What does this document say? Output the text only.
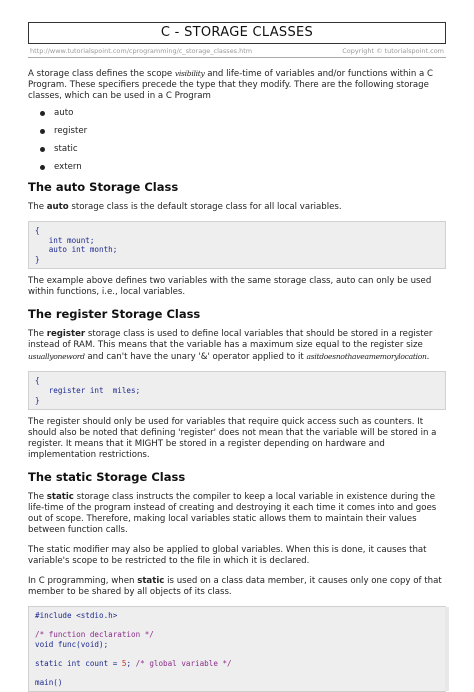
C - STORAGE CLASSES
http://www.tutorialspoint.com/cprogramming/c_storage_classes.htm	Copyright © tutorialspoint.com

A storage class defines the scope visibility and life-time of variables and/or functions within a C Program. These specifiers precede the type that they modify. There are the following storage classes, which can be used in a C Program

auto
register
static
extern
The auto Storage Class

The auto storage class is the default storage class for all local variables.

{
int mount;
auto int month;
}

The example above defines two variables with the same storage class, auto can only be used within functions, i.e., local variables.

The register Storage Class

The register storage class is used to define local variables that should be stored in a register instead of RAM. This means that the variable has a maximum size equal to the register size usuallyoneword and can't have the unary '&' operator applied to it asitdoesnothaveamemorylocation.

{
register int  miles;
}

The register should only be used for variables that require quick access such as counters. It should also be noted that defining 'register' does not mean that the variable will be stored in a register. It means that it MIGHT be stored in a register depending on hardware and implementation restrictions.

The static Storage Class

The static storage class instructs the compiler to keep a local variable in existence during the life-time of the program instead of creating and destroying it each time it comes into and goes out of scope. Therefore, making local variables static allows them to maintain their values between function calls.

The static modifier may also be applied to global variables. When this is done, it causes that variable's scope to be restricted to the file in which it is declared.

In C programming, when static is used on a class data member, it causes only one copy of that member to be shared by all objects of its class.

#include <stdio.h>

/* function declaration */
void func(void);

static int count = 5; /* global variable */

main()
